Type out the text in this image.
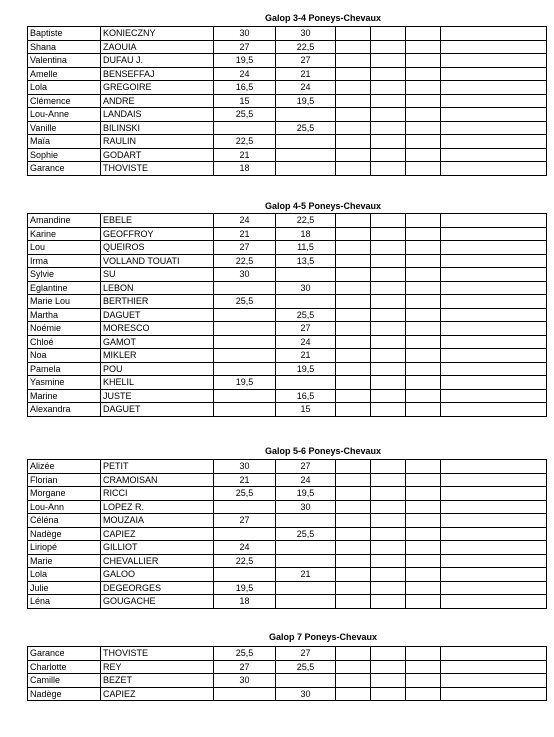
Galop 3-4 Poneys-Chevaux
Baptiste	KONIECZNY	30	30				
Shana	ZAOUIA	27	22,5				
Valentina	DUFAU J.	19,5	27				
Amelle	BENSEFFAJ	24	21				
Lola	GREGOIRE	16,5	24				
Clémence	ANDRE	15	19,5				
Lou-Anne	LANDAIS	25,5					
Vanille	BILINSKI		25,5				
Maïa	RAULIN	22,5					
Sophie	GODART	21					
Garance	THOVISTE	18					
Galop 4-5 Poneys-Chevaux
Amandine	EBELE	24	22,5				
Karine	GEOFFROY	21	18				
Lou	QUEIROS	27	11,5				
Irma	VOLLAND TOUATI	22,5	13,5				
Sylvie	SU	30					
Eglantine	LEBON		30				
Marie Lou	BERTHIER	25,5					
Martha	DAGUET		25,5				
Noémie	MORESCO		27				
Chloé	GAMOT		24				
Noa	MIKLER		21				
Pamela	POU		19,5				
Yasmine	KHELIL	19,5					
Marine	JUSTE		16,5				
Alexandra	DAGUET		15				
Galop 5-6 Poneys-Chevaux
Alizée	PETIT	30	27				
Florian	CRAMOISAN	21	24				
Morgane	RICCI	25,5	19,5				
Lou-Ann	LOPEZ R.		30				
Céléna	MOUZAIA	27					
Nadège	CAPIEZ		25,5				
Liriopé	GILLIOT	24					
Marie	CHEVALLIER	22,5					
Lola	GALOO		21				
Julie	DEGEORGES	19,5					
Léna	GOUGACHE	18					
Galop 7 Poneys-Chevaux
Garance	THOVISTE	25,5	27				
Charlotte	REY	27	25,5				
Camille	BEZET	30					
Nadège	CAPIEZ		30				
